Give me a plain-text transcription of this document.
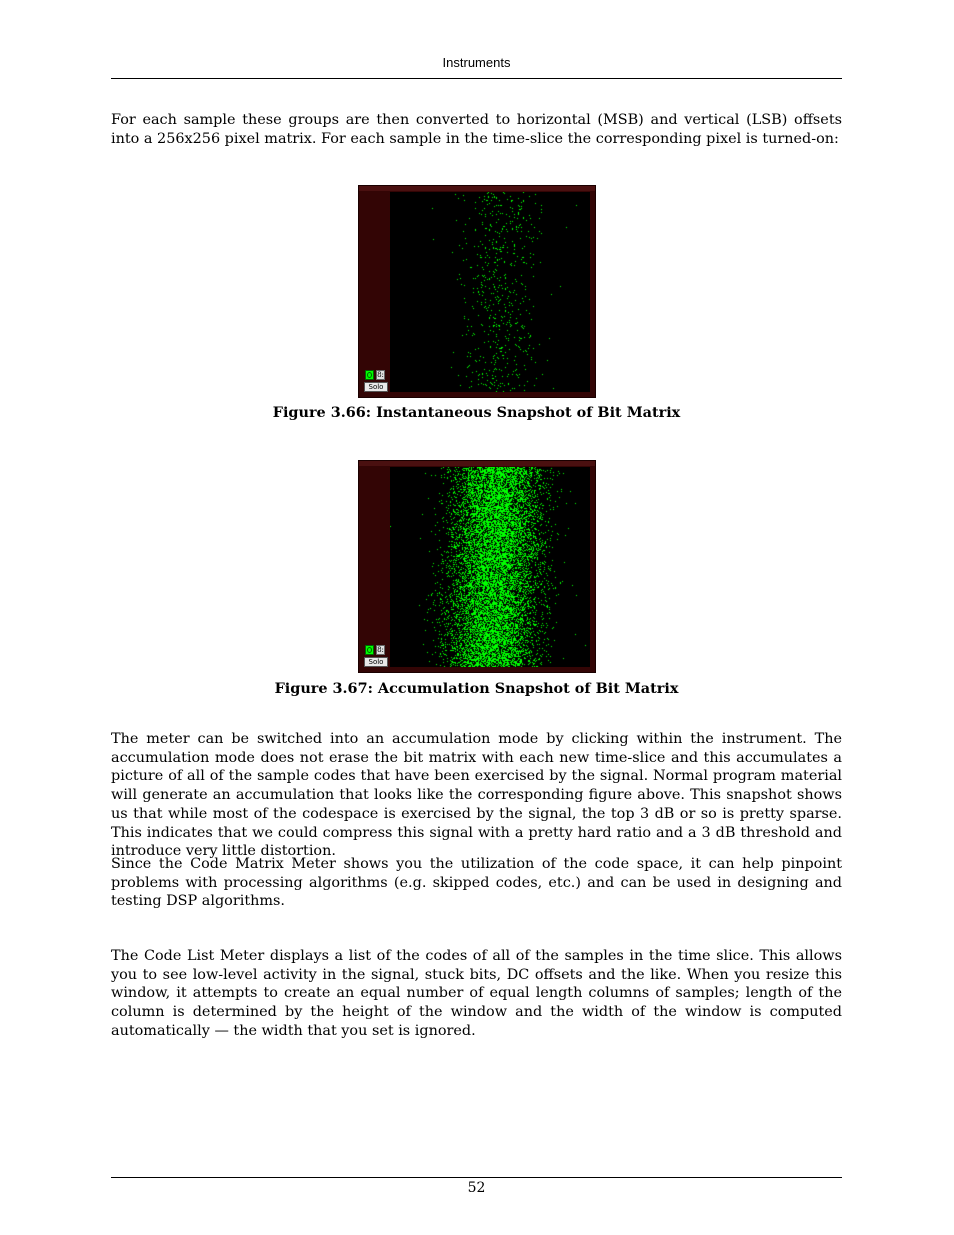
Instruments

For each sample these groups are then converted to horizontal (MSB) and vertical (LSB) offsets into a 256x256 pixel matrix. For each sample in the time-slice the corresponding pixel is turned-on:

8:
Solo
Figure 3.66: Instantaneous Snapshot of Bit Matrix
8:
Solo
Figure 3.67: Accumulation Snapshot of Bit Matrix

The meter can be switched into an accumulation mode by clicking within the instrument. The accumulation mode does not erase the bit matrix with each new time-slice and this accumulates a picture of all of the sample codes that have been exercised by the signal. Normal program material will generate an accumulation that looks like the corresponding figure above. This snapshot shows us that while most of the codespace is exercised by the signal, the top 3 dB or so is pretty sparse. This indicates that we could compress this signal with a pretty hard ratio and a 3 dB threshold and introduce very little distortion.

Since the Code Matrix Meter shows you the utilization of the code space, it can help pinpoint problems with processing algorithms (e.g. skipped codes, etc.) and can be used in designing and testing DSP algorithms.

The Code List Meter displays a list of the codes of all of the samples in the time slice. This allows you to see low-level activity in the signal, stuck bits, DC offsets and the like. When you resize this window, it attempts to create an equal number of equal length columns of samples; length of the column is determined by the height of the window and the width of the window is computed automatically — the width that you set is ignored.

52
